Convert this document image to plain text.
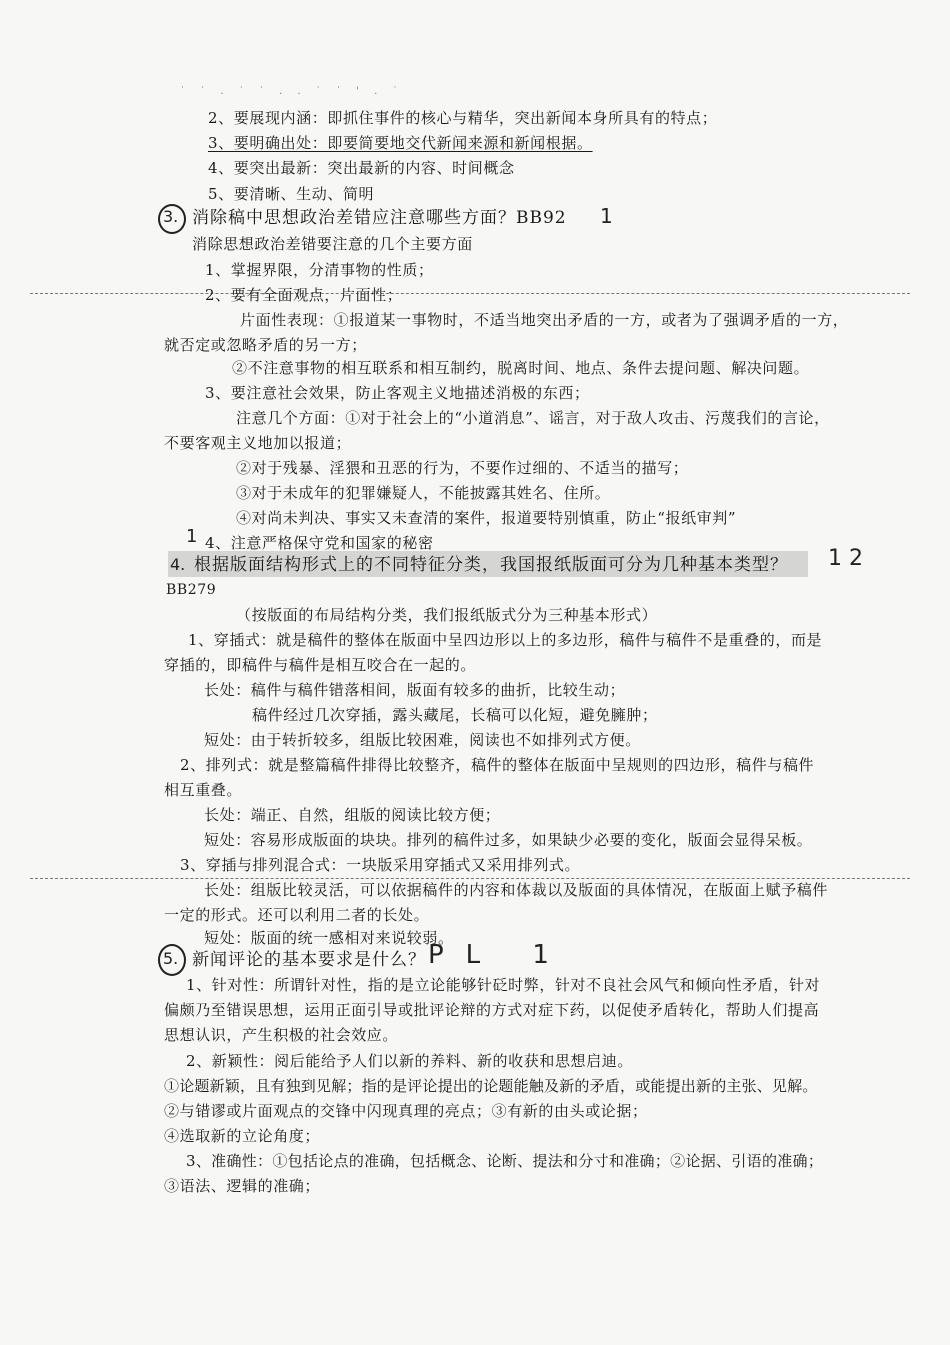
˙ ˙ . ˙ ˙ . . ˙ ˙ ' . ˙
2、要展现内涵：即抓住事件的核心与精华，突出新闻本身所具有的特点；
3、要明确出处：即要简要地交代新闻来源和新闻根据。
4、要突出最新：突出最新的内容、时间概念
5、要清晰、生动、简明
3. 消除稿中思想政治差错应注意哪些方面？BB92 1
消除思想政治差错要注意的几个主要方面
1、掌握界限，分清事物的性质；
2、要有全面观点，片面性；
片面性表现：①报道某一事物时，不适当地突出矛盾的一方，或者为了强调矛盾的一方，
就否定或忽略矛盾的另一方；
②不注意事物的相互联系和相互制约，脱离时间、地点、条件去提问题、解决问题。
3、要注意社会效果，防止客观主义地描述消极的东西；
注意几个方面：①对于社会上的“小道消息”、谣言，对于敌人攻击、污蔑我们的言论，
不要客观主义地加以报道；
②对于残暴、淫猥和丑恶的行为，不要作过细的、不适当的描写；
③对于未成年的犯罪嫌疑人，不能披露其姓名、住所。
④对尚未判决、事实又未查清的案件，报道要特别慎重，防止“报纸审判”
1 4、注意严格保守党和国家的秘密
4. 根据版面结构形式上的不同特征分类，我国报纸版面可分为几种基本类型？ 1 2
BB279
（按版面的布局结构分类，我们报纸版式分为三种基本形式）
1、穿插式：就是稿件的整体在版面中呈四边形以上的多边形，稿件与稿件不是重叠的，而是
穿插的，即稿件与稿件是相互咬合在一起的。
长处：稿件与稿件错落相间，版面有较多的曲折，比较生动；
稿件经过几次穿插，露头藏尾，长稿可以化短，避免臃肿；
短处：由于转折较多，组版比较困难，阅读也不如排列式方便。
2、排列式：就是整篇稿件排得比较整齐，稿件的整体在版面中呈规则的四边形，稿件与稿件
相互重叠。
长处：端正、自然，组版的阅读比较方便；
短处：容易形成版面的块块。排列的稿件过多，如果缺少必要的变化，版面会显得呆板。
3、穿插与排列混合式：一块版采用穿插式又采用排列式。
长处：组版比较灵活，可以依据稿件的内容和体裁以及版面的具体情况，在版面上赋予稿件
一定的形式。还可以利用二者的长处。
短处：版面的统一感相对来说较弱。
5. 新闻评论的基本要求是什么？ PL 1
1、针对性：所谓针对性，指的是立论能够针砭时弊，针对不良社会风气和倾向性矛盾，针对
偏颇乃至错误思想，运用正面引导或批评论辩的方式对症下药，以促使矛盾转化，帮助人们提高
思想认识，产生积极的社会效应。
2、新颖性：阅后能给予人们以新的养料、新的收获和思想启迪。
①论题新颖，且有独到见解；指的是评论提出的论题能触及新的矛盾，或能提出新的主张、见解。
②与错谬或片面观点的交锋中闪现真理的亮点；③有新的由头或论据；
④选取新的立论角度；
3、准确性：①包括论点的准确，包括概念、论断、提法和分寸和准确；②论据、引语的准确；
③语法、逻辑的准确；
